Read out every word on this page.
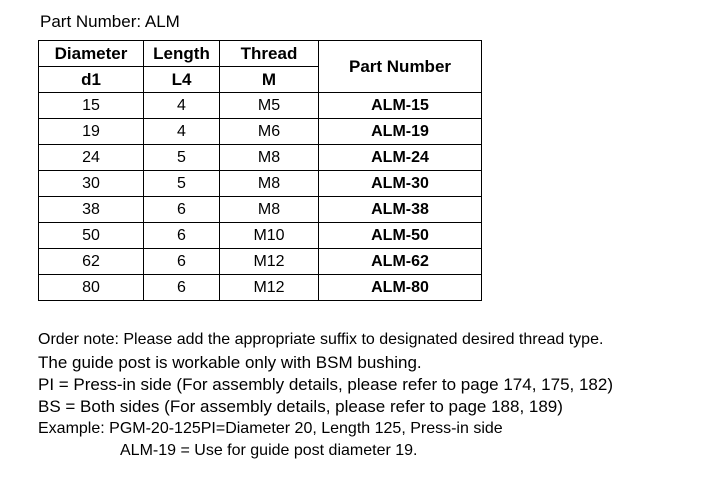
Part Number: ALM
Diameter	Length	Thread	Part Number
d1	L4	M	
15	4	M5	ALM-15
19	4	M6	ALM-19
24	5	M8	ALM-24
30	5	M8	ALM-30
38	6	M8	ALM-38
50	6	M10	ALM-50
62	6	M12	ALM-62
80	6	M12	ALM-80
Order note: Please add the appropriate suffix to designated desired thread type.
The guide post is workable only with BSM bushing.
PI = Press-in side (For assembly details, please refer to page 174, 175, 182)
BS = Both sides (For assembly details, please refer to page 188, 189)
Example: PGM-20-125PI=Diameter 20, Length 125, Press-in side
ALM-19 = Use for guide post diameter 19.
